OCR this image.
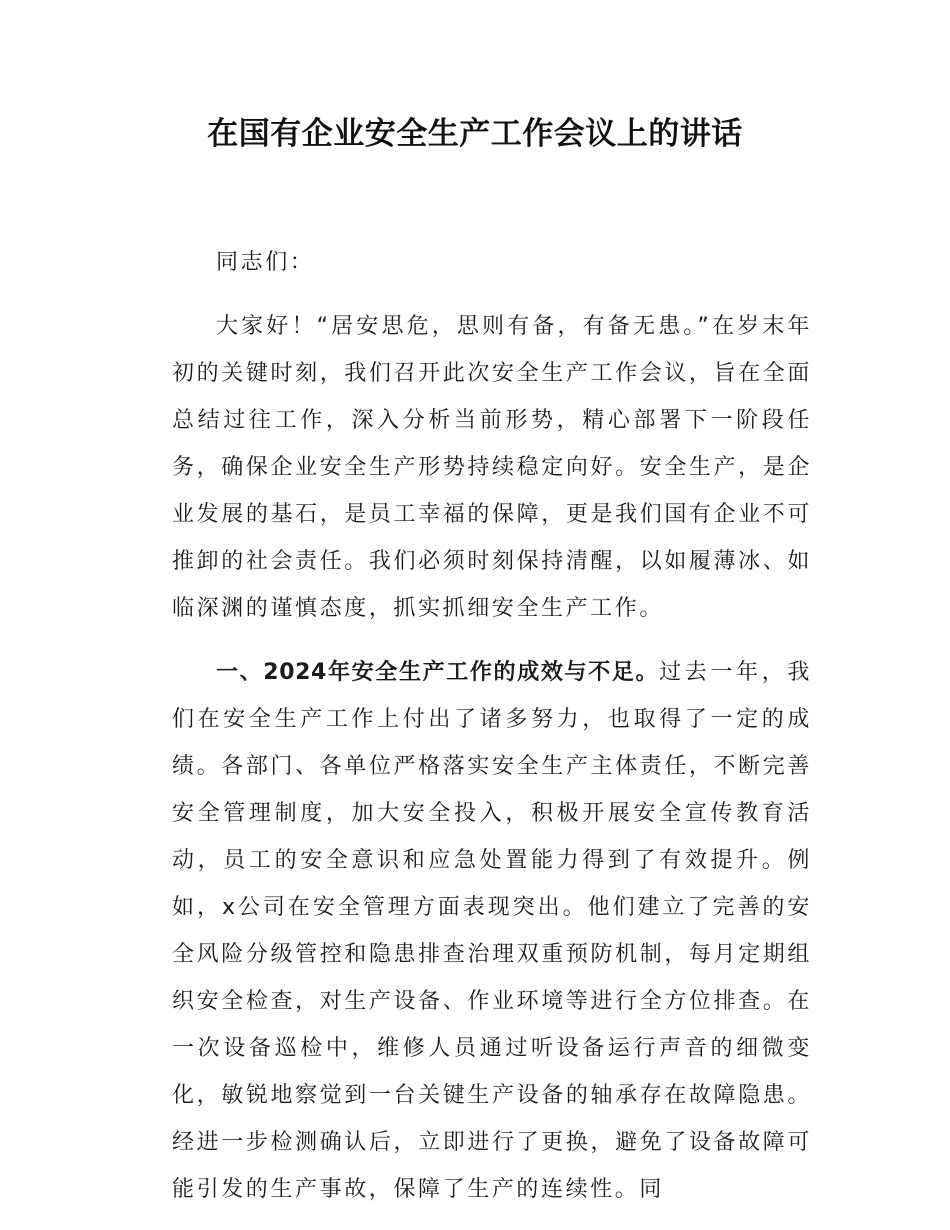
在国有企业安全生产工作会议上的讲话

同志们：

大家好！“居安思危，思则有备，有备无患。”在岁末年初的关键时刻，我们召开此次安全生产工作会议，旨在全面总结过往工作，深入分析当前形势，精心部署下一阶段任务，确保企业安全生产形势持续稳定向好。安全生产，是企业发展的基石，是员工幸福的保障，更是我们国有企业不可推卸的社会责任。我们必须时刻保持清醒，以如履薄冰、如临深渊的谨慎态度，抓实抓细安全生产工作。

一、2024年安全生产工作的成效与不足。过去一年，我们在安全生产工作上付出了诸多努力，也取得了一定的成绩。各部门、各单位严格落实安全生产主体责任，不断完善安全管理制度，加大安全投入，积极开展安全宣传教育活动，员工的安全意识和应急处置能力得到了有效提升。例如，x公司在安全管理方面表现突出。他们建立了完善的安全风险分级管控和隐患排查治理双重预防机制，每月定期组织安全检查，对生产设备、作业环境等进行全方位排查。在一次设备巡检中，维修人员通过听设备运行声音的细微变化，敏锐地察觉到一台关键生产设备的轴承存在故障隐患。经进一步检测确认后，立即进行了更换，避免了设备故障可能引发的生产事故，保障了生产的连续性。同
